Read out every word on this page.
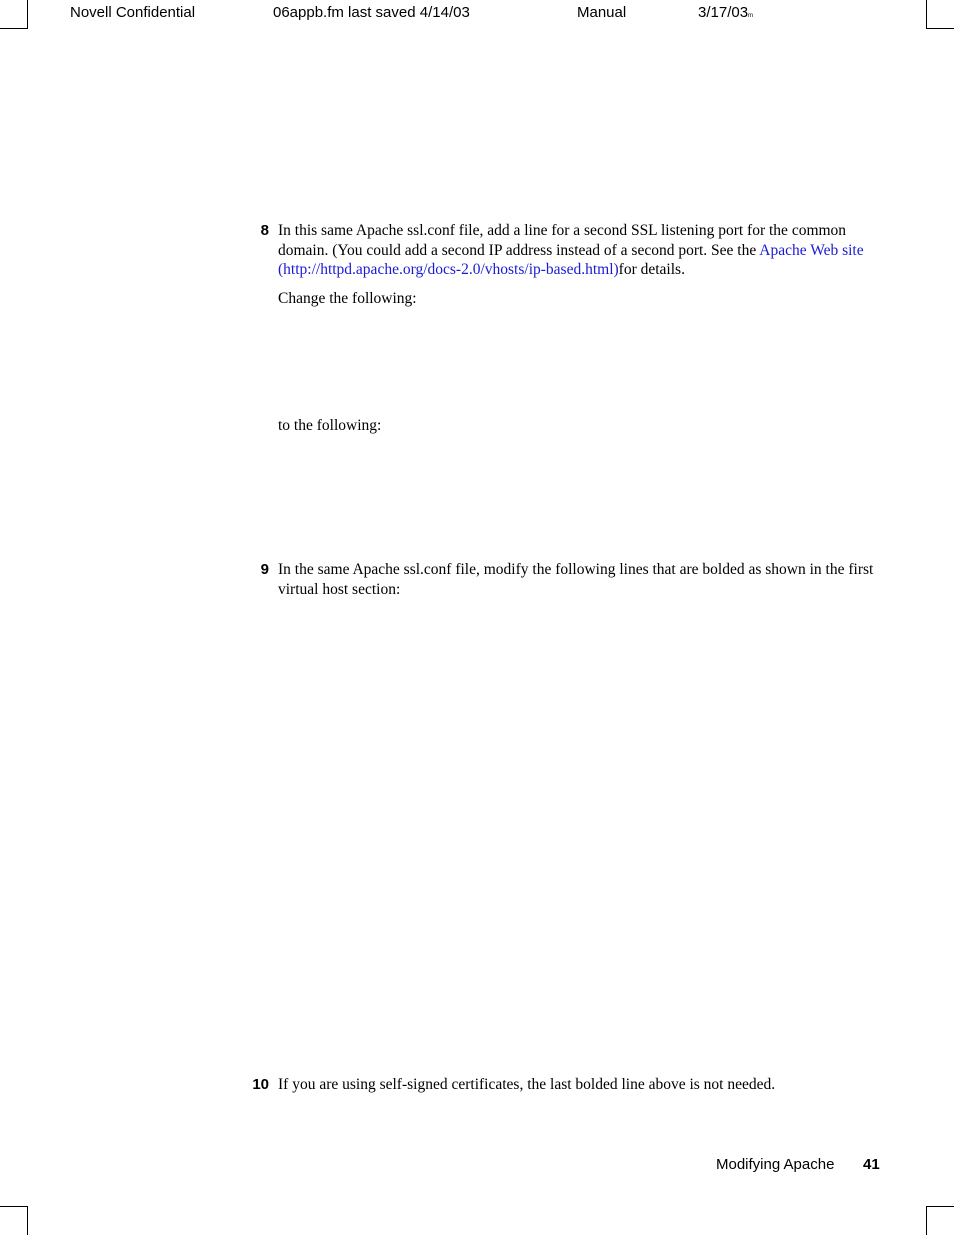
Novell Confidential	06appb.fm last saved 4/14/03	Manual	3/17/03m
8 In this same Apache ssl.conf file, add a line for a second SSL listening port for the common domain. (You could add a second IP address instead of a second port. See the Apache Web site (http://httpd.apache.org/docs-2.0/vhosts/ip-based.html)for details.
Change the following:
to the following:
9 In the same Apache ssl.conf file, modify the following lines that are bolded as shown in the first virtual host section:
10 If you are using self-signed certificates, the last bolded line above is not needed.
Modifying Apache 41
